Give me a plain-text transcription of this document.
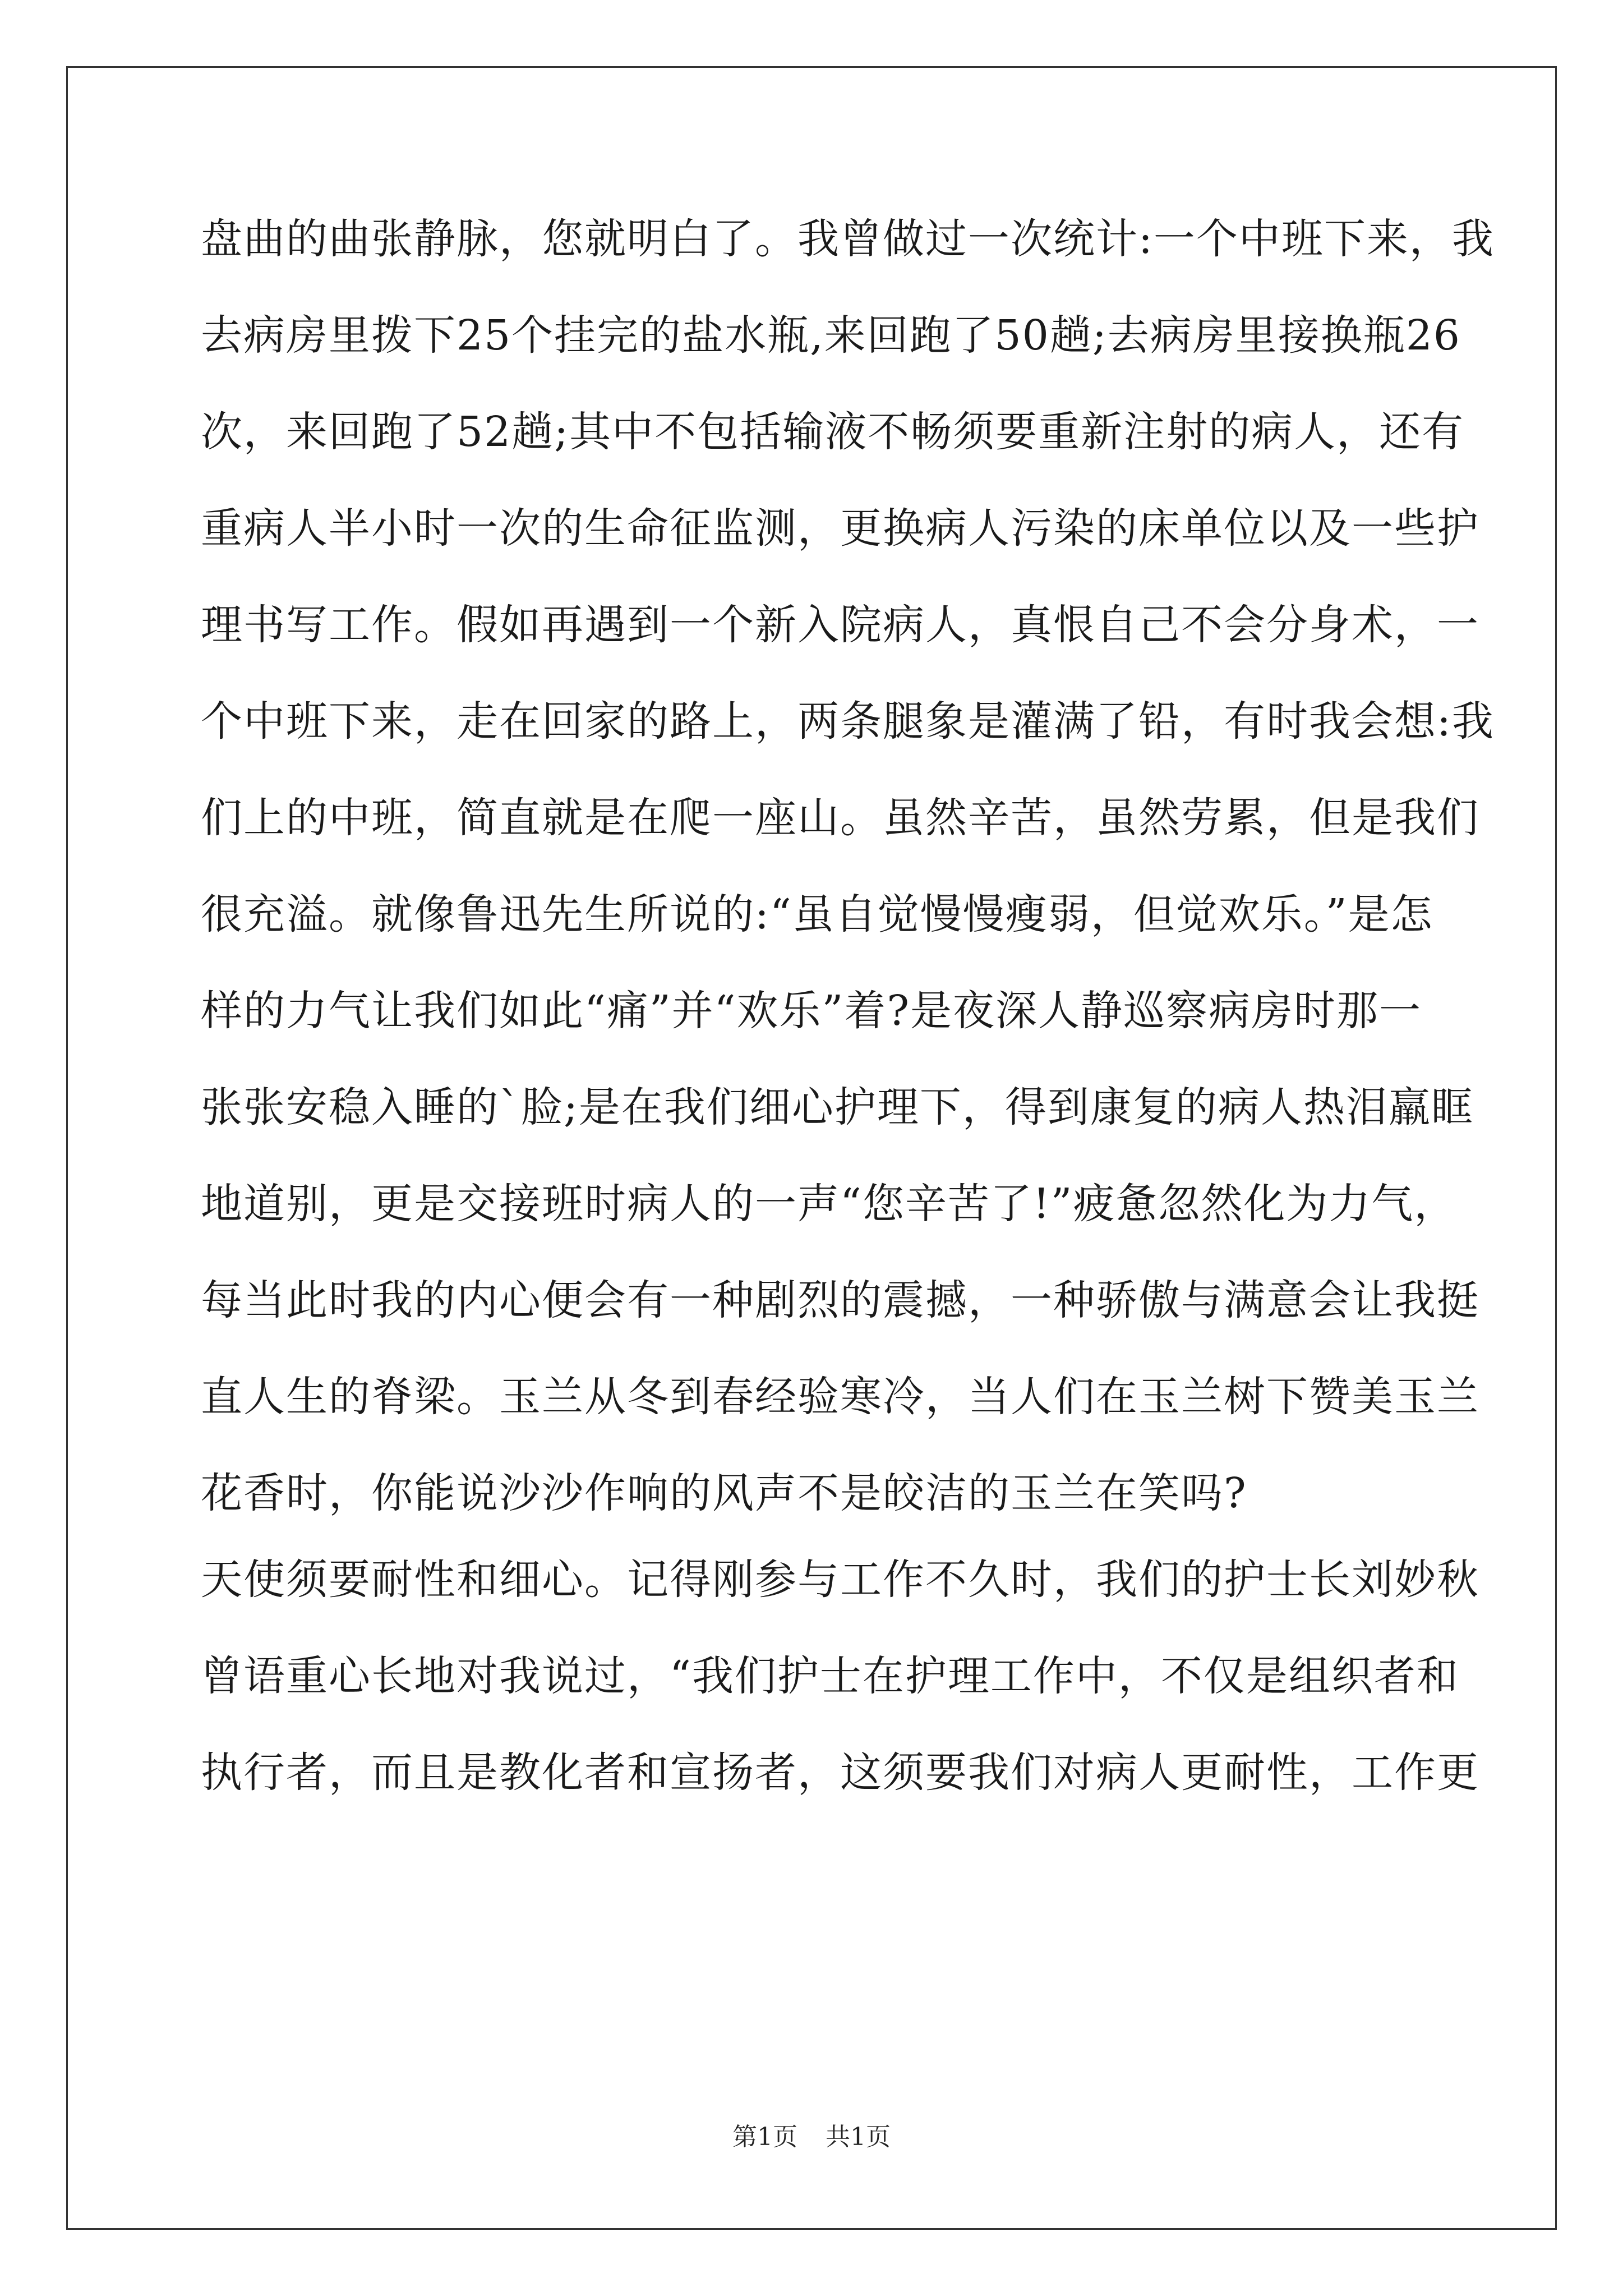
盘曲的曲张静脉，您就明白了。我曾做过一次统计:一个中班下来，我
去病房里拨下25个挂完的盐水瓶,来回跑了50趟;去病房里接换瓶26
次，来回跑了52趟;其中不包括输液不畅须要重新注射的病人，还有
重病人半小时一次的生命征监测，更换病人污染的床单位以及一些护
理书写工作。假如再遇到一个新入院病人，真恨自己不会分身术，一
个中班下来，走在回家的路上，两条腿象是灌满了铅，有时我会想:我
们上的中班，简直就是在爬一座山。虽然辛苦，虽然劳累，但是我们
很充溢。就像鲁迅先生所说的:“虽自觉慢慢瘦弱，但觉欢乐。”是怎
样的力气让我们如此“痛”并“欢乐”着?是夜深人静巡察病房时那一
张张安稳入睡的`脸;是在我们细心护理下，得到康复的病人热泪羸眶
地道别，更是交接班时病人的一声“您辛苦了!”疲惫忽然化为力气，
每当此时我的内心便会有一种剧烈的震撼，一种骄傲与满意会让我挺
直人生的脊梁。玉兰从冬到春经验寒冷，当人们在玉兰树下赞美玉兰
花香时，你能说沙沙作响的风声不是皎洁的玉兰在笑吗?
天使须要耐性和细心。记得刚参与工作不久时，我们的护士长刘妙秋
曾语重心长地对我说过，“我们护士在护理工作中，不仅是组织者和
执行者，而且是教化者和宣扬者，这须要我们对病人更耐性，工作更
第1页 共1页
